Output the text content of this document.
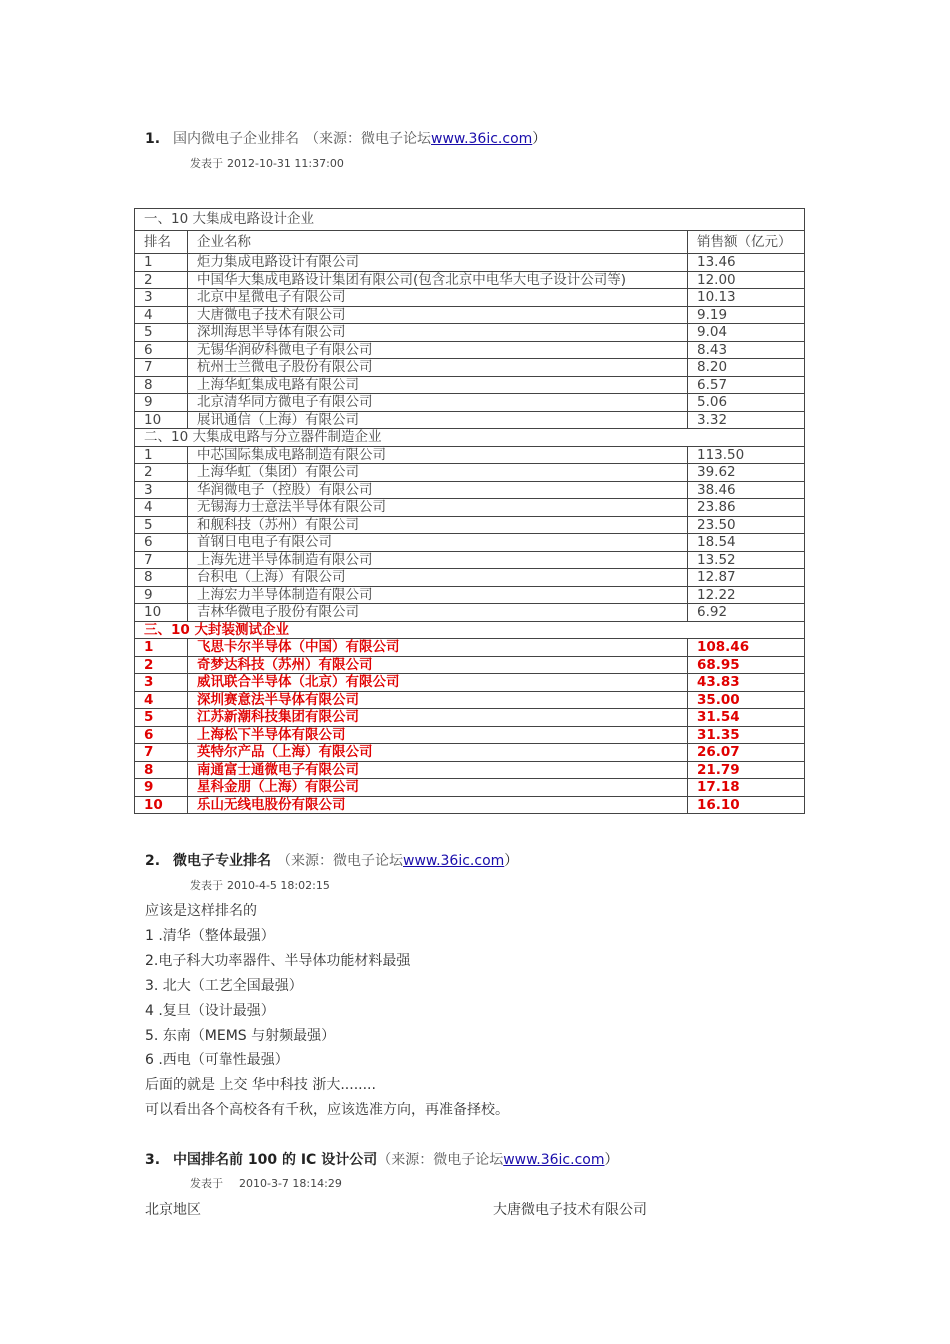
1. 国内微电子企业排名 （来源：微电子论坛www.36ic.com）
发表于 2012-10-31 11:37:00
一、10 大集成电路设计企业		
排名	企业名称	销售额（亿元）
1	炬力集成电路设计有限公司	13.46
2	中国华大集成电路设计集团有限公司(包含北京中电华大电子设计公司等)	12.00
3	北京中星微电子有限公司	10.13
4	大唐微电子技术有限公司	9.19
5	深圳海思半导体有限公司	9.04
6	无锡华润矽科微电子有限公司	8.43
7	杭州士兰微电子股份有限公司	8.20
8	上海华虹集成电路有限公司	6.57
9	北京清华同方微电子有限公司	5.06
10	展讯通信（上海）有限公司	3.32
二、10 大集成电路与分立器件制造企业		
1	中芯国际集成电路制造有限公司	113.50
2	上海华虹（集团）有限公司	39.62
3	华润微电子（控股）有限公司	38.46
4	无锡海力士意法半导体有限公司	23.86
5	和舰科技（苏州）有限公司	23.50
6	首钢日电电子有限公司	18.54
7	上海先进半导体制造有限公司	13.52
8	台积电（上海）有限公司	12.87
9	上海宏力半导体制造有限公司	12.22
10	吉林华微电子股份有限公司	6.92
三、10 大封装测试企业		
1	飞思卡尔半导体（中国）有限公司	108.46
2	奇梦达科技（苏州）有限公司	68.95
3	威讯联合半导体（北京）有限公司	43.83
4	深圳赛意法半导体有限公司	35.00
5	江苏新潮科技集团有限公司	31.54
6	上海松下半导体有限公司	31.35
7	英特尔产品（上海）有限公司	26.07
8	南通富士通微电子有限公司	21.79
9	星科金朋（上海）有限公司	17.18
10	乐山无线电股份有限公司	16.10
2. 微电子专业排名 （来源：微电子论坛www.36ic.com）
发表于 2010-4-5 18:02:15
应该是这样排名的
1 .清华（整体最强）
2.电子科大功率器件、半导体功能材料最强
3. 北大（工艺全国最强）
4 .复旦（设计最强）
5. 东南（MEMS 与射频最强）
6 .西电（可靠性最强）
后面的就是 上交 华中科技 浙大........
可以看出各个高校各有千秋，应该选准方向，再准备择校。
3. 中国排名前 100 的 IC 设计公司（来源：微电子论坛www.36ic.com）
发表于 2010-3-7 18:14:29
北京地区	大唐微电子技术有限公司
